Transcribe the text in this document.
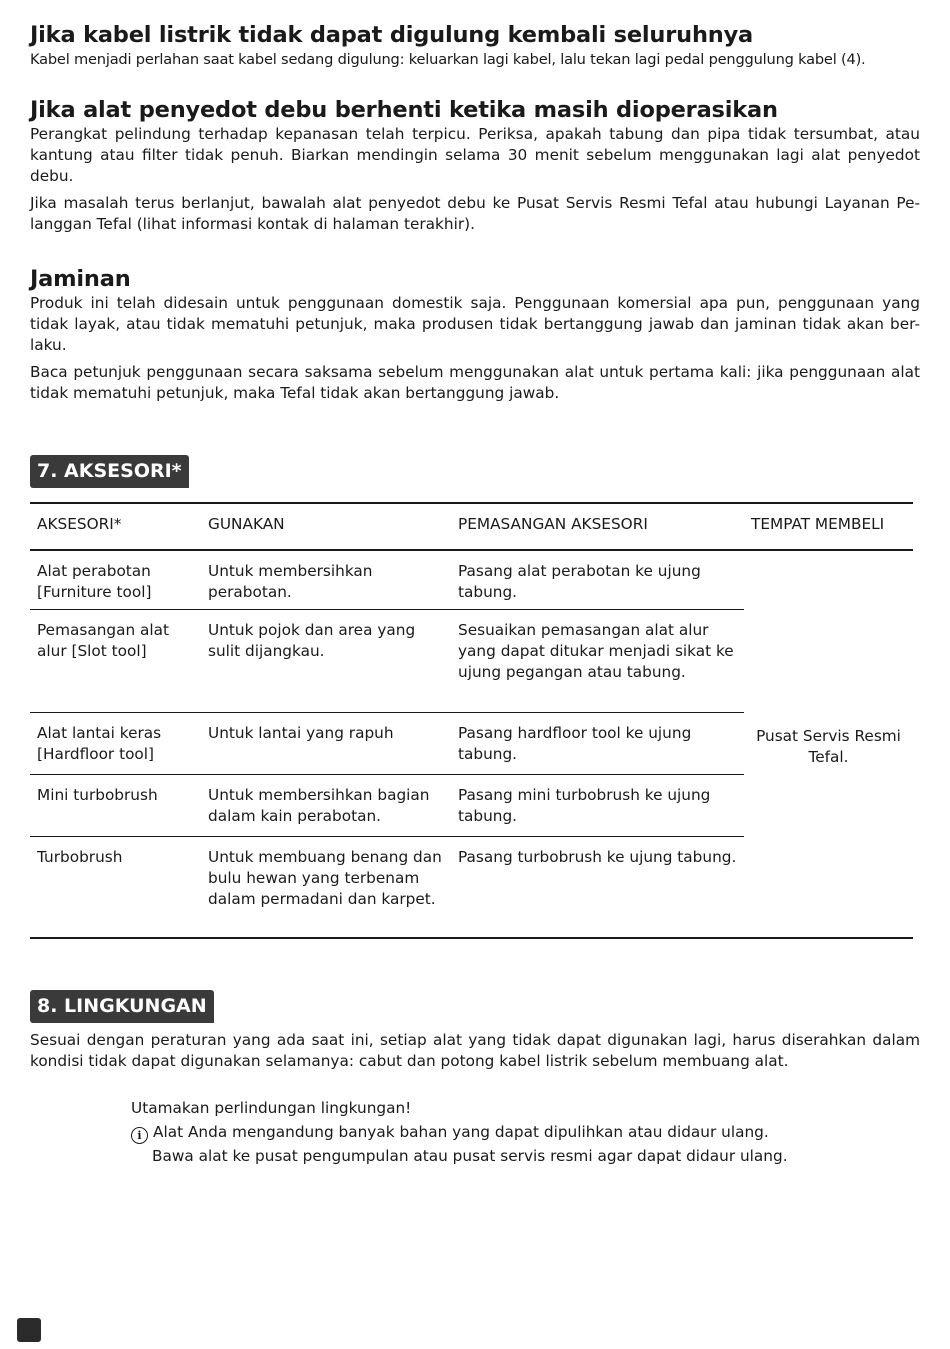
Jika kabel listrik tidak dapat digulung kembali seluruhnya

Kabel menjadi perlahan saat kabel sedang digulung: keluarkan lagi kabel, lalu tekan lagi pedal penggulung kabel (4).

Jika alat penyedot debu berhenti ketika masih dioperasikan

Perangkat pelindung terhadap kepanasan telah terpicu. Periksa, apakah tabung dan pipa tidak tersumbat, atau kantung atau filter tidak penuh. Biarkan mendingin selama 30 menit sebelum menggunakan lagi alat penyedot debu.

Jika masalah terus berlanjut, bawalah alat penyedot debu ke Pusat Servis Resmi Tefal atau hubungi Layanan Pe-langgan Tefal (lihat informasi kontak di halaman terakhir).

Jaminan

Produk ini telah didesain untuk penggunaan domestik saja. Penggunaan komersial apa pun, penggunaan yang tidak layak, atau tidak mematuhi petunjuk, maka produsen tidak bertanggung jawab dan jaminan tidak akan ber-laku.

Baca petunjuk penggunaan secara saksama sebelum menggunakan alat untuk pertama kali: jika penggunaan alat tidak mematuhi petunjuk, maka Tefal tidak akan bertanggung jawab.

7. AKSESORI*
AKSESORI*	GUNAKAN	PEMASANGAN AKSESORI	TEMPAT MEMBELI
Alat perabotan [Furniture tool]	Untuk membersihkan perabotan.	Pasang alat perabotan ke ujung tabung.	Pusat Servis Resmi Tefal.
Pemasangan alat alur [Slot tool]	Untuk pojok dan area yang sulit dijangkau.	Sesuaikan pemasangan alat alur yang dapat ditukar menjadi sikat ke ujung pegangan atau tabung.	
Alat lantai keras [Hardfloor tool]	Untuk lantai yang rapuh	Pasang hardfloor tool ke ujung tabung.	
Mini turbobrush	Untuk membersihkan bagian dalam kain perabotan.	Pasang mini turbobrush ke ujung tabung.	
Turbobrush	Untuk membuang benang dan bulu hewan yang terbenam dalam permadani dan karpet.	Pasang turbobrush ke ujung tabung.	
8. LINGKUNGAN

Sesuai dengan peraturan yang ada saat ini, setiap alat yang tidak dapat digunakan lagi, harus diserahkan dalam kondisi tidak dapat digunakan selamanya: cabut dan potong kabel listrik sebelum membuang alat.

Utamakan perlindungan lingkungan!
i Alat Anda mengandung banyak bahan yang dapat dipulihkan atau didaur ulang.
Bawa alat ke pusat pengumpulan atau pusat servis resmi agar dapat didaur ulang.
